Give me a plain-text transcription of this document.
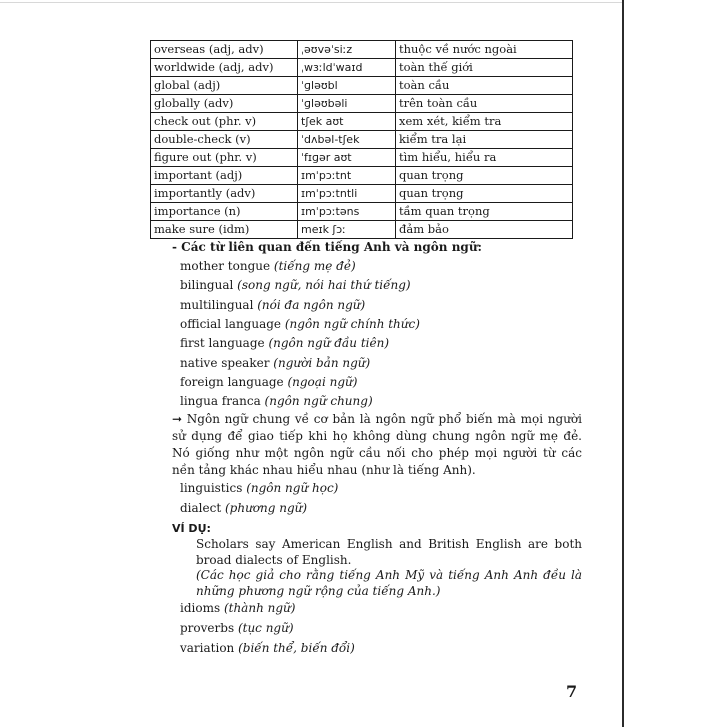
overseas (adj, adv)	ˌəʊvəˈsiːz	thuộc về nước ngoài
worldwide (adj, adv)	ˌwɜːldˈwaɪd	toàn thế giới
global (adj)	ˈɡləʊbl	toàn cầu
globally (adv)	ˈɡləʊbəli	trên toàn cầu
check out (phr. v)	tʃek aʊt	xem xét, kiểm tra
double-check (v)	ˈdʌbəl-tʃek	kiểm tra lại
figure out (phr. v)	ˈfɪɡər aʊt	tìm hiểu, hiểu ra
important (adj)	ɪmˈpɔːtnt	quan trọng
importantly (adv)	ɪmˈpɔːtntli	quan trọng
importance (n)	ɪmˈpɔːtəns	tầm quan trọng
make sure (idm)	meɪk ʃɔː	đảm bảo
- Các từ liên quan đến tiếng Anh và ngôn ngữ:
mother tongue (tiếng mẹ đẻ)
bilingual (song ngữ, nói hai thứ tiếng)
multilingual (nói đa ngôn ngữ)
official language (ngôn ngữ chính thức)
first language (ngôn ngữ đầu tiên)
native speaker (người bản ngữ)
foreign language (ngoại ngữ)
lingua franca (ngôn ngữ chung)
➞ Ngôn ngữ chung về cơ bản là ngôn ngữ phổ biến mà mọi người sử dụng để giao tiếp khi họ không dùng chung ngôn ngữ mẹ đẻ. Nó giống như một ngôn ngữ cầu nối cho phép mọi người từ các nền tảng khác nhau hiểu nhau (như là tiếng Anh).
linguistics (ngôn ngữ học)
dialect (phương ngữ)
VÍ DỤ:
Scholars say American English and British English are both broad dialects of English.
(Các học giả cho rằng tiếng Anh Mỹ và tiếng Anh Anh đều là những phương ngữ rộng của tiếng Anh.)
idioms (thành ngữ)
proverbs (tục ngữ)
variation (biến thể, biến đổi)
7
